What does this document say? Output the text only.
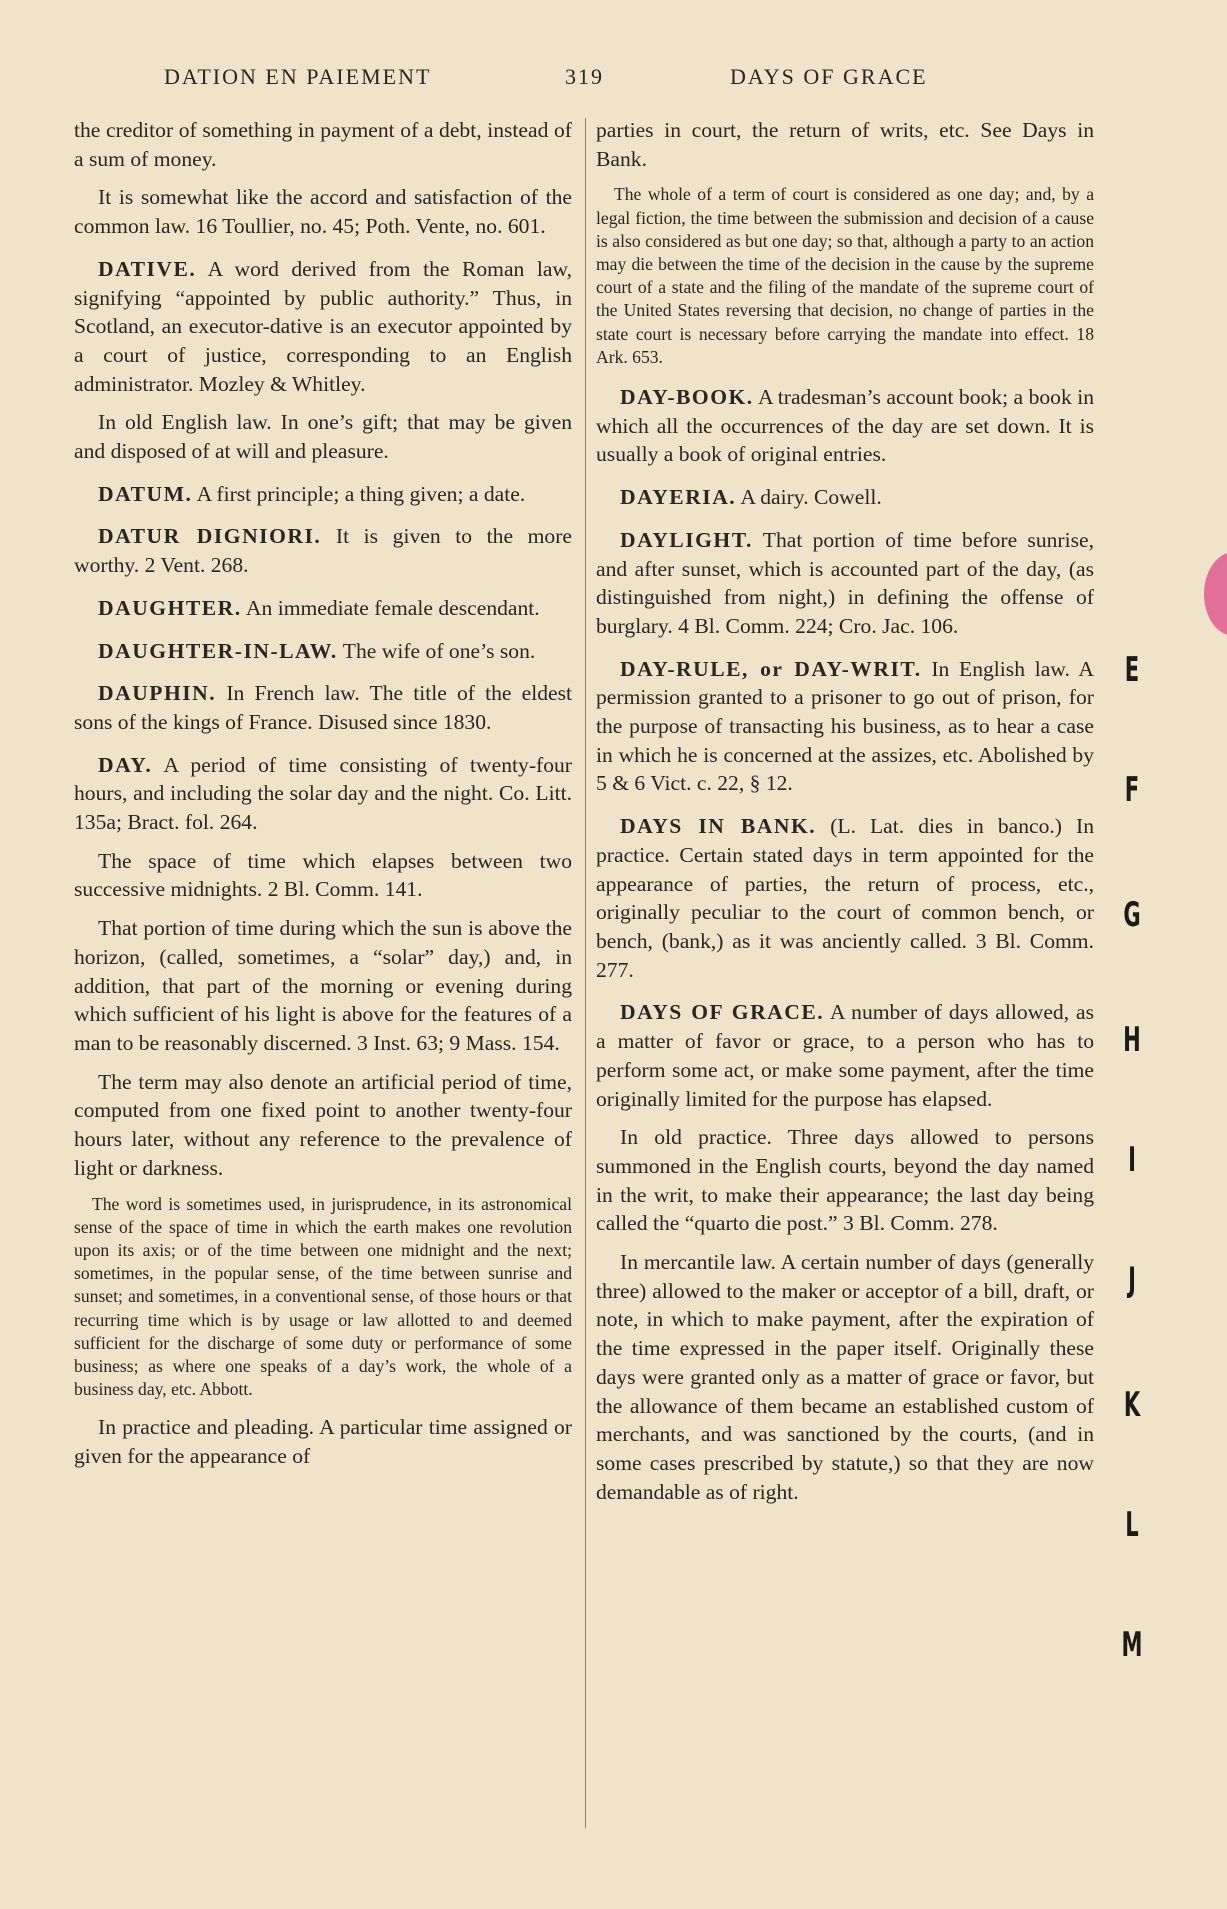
DATION EN PAIEMENT	319	DAYS OF GRACE

the creditor of something in payment of a debt, instead of a sum of money.

It is somewhat like the accord and satisfaction of the common law. 16 Toullier, no. 45; Poth. Vente, no. 601.

DATIVE. A word derived from the Roman law, signifying “appointed by public authority.” Thus, in Scotland, an executor-dative is an executor appointed by a court of justice, corresponding to an English administrator. Mozley & Whitley.

In old English law. In one’s gift; that may be given and disposed of at will and pleasure.

DATUM. A first principle; a thing given; a date.

DATUR DIGNIORI. It is given to the more worthy. 2 Vent. 268.

DAUGHTER. An immediate female descendant.

DAUGHTER-IN-LAW. The wife of one’s son.

DAUPHIN. In French law. The title of the eldest sons of the kings of France. Disused since 1830.

DAY. A period of time consisting of twenty-four hours, and including the solar day and the night. Co. Litt. 135a; Bract. fol. 264.

The space of time which elapses between two successive midnights. 2 Bl. Comm. 141.

That portion of time during which the sun is above the horizon, (called, sometimes, a “solar” day,) and, in addition, that part of the morning or evening during which sufficient of his light is above for the features of a man to be reasonably discerned. 3 Inst. 63; 9 Mass. 154.

The term may also denote an artificial period of time, computed from one fixed point to another twenty-four hours later, without any reference to the prevalence of light or darkness.

The word is sometimes used, in jurisprudence, in its astronomical sense of the space of time in which the earth makes one revolution upon its axis; or of the time between one midnight and the next; sometimes, in the popular sense, of the time between sunrise and sunset; and sometimes, in a conventional sense, of those hours or that recurring time which is by usage or law allotted to and deemed sufficient for the discharge of some duty or performance of some business; as where one speaks of a day’s work, the whole of a business day, etc. Abbott.

In practice and pleading. A particular time assigned or given for the appearance of

parties in court, the return of writs, etc. See Days in Bank.

The whole of a term of court is considered as one day; and, by a legal fiction, the time between the submission and decision of a cause is also considered as but one day; so that, although a party to an action may die between the time of the decision in the cause by the supreme court of a state and the filing of the mandate of the supreme court of the United States reversing that decision, no change of parties in the state court is necessary before carrying the mandate into effect. 18 Ark. 653.

DAY-BOOK. A tradesman’s account book; a book in which all the occurrences of the day are set down. It is usually a book of original entries.

DAYERIA. A dairy. Cowell.

DAYLIGHT. That portion of time before sunrise, and after sunset, which is accounted part of the day, (as distinguished from night,) in defining the offense of burglary. 4 Bl. Comm. 224; Cro. Jac. 106.

DAY-RULE, or DAY-WRIT. In English law. A permission granted to a prisoner to go out of prison, for the purpose of transacting his business, as to hear a case in which he is concerned at the assizes, etc. Abolished by 5 & 6 Vict. c. 22, § 12.

DAYS IN BANK. (L. Lat. dies in banco.) In practice. Certain stated days in term appointed for the appearance of parties, the return of process, etc., originally peculiar to the court of common bench, or bench, (bank,) as it was anciently called. 3 Bl. Comm. 277.

DAYS OF GRACE. A number of days allowed, as a matter of favor or grace, to a person who has to perform some act, or make some payment, after the time originally limited for the purpose has elapsed.

In old practice. Three days allowed to persons summoned in the English courts, beyond the day named in the writ, to make their appearance; the last day being called the “quarto die post.” 3 Bl. Comm. 278.

In mercantile law. A certain number of days (generally three) allowed to the maker or acceptor of a bill, draft, or note, in which to make payment, after the expiration of the time expressed in the paper itself. Originally these days were granted only as a matter of grace or favor, but the allowance of them became an established custom of merchants, and was sanctioned by the courts, (and in some cases prescribed by statute,) so that they are now demandable as of right.

E
F
G
H
I
J
K
L
M
